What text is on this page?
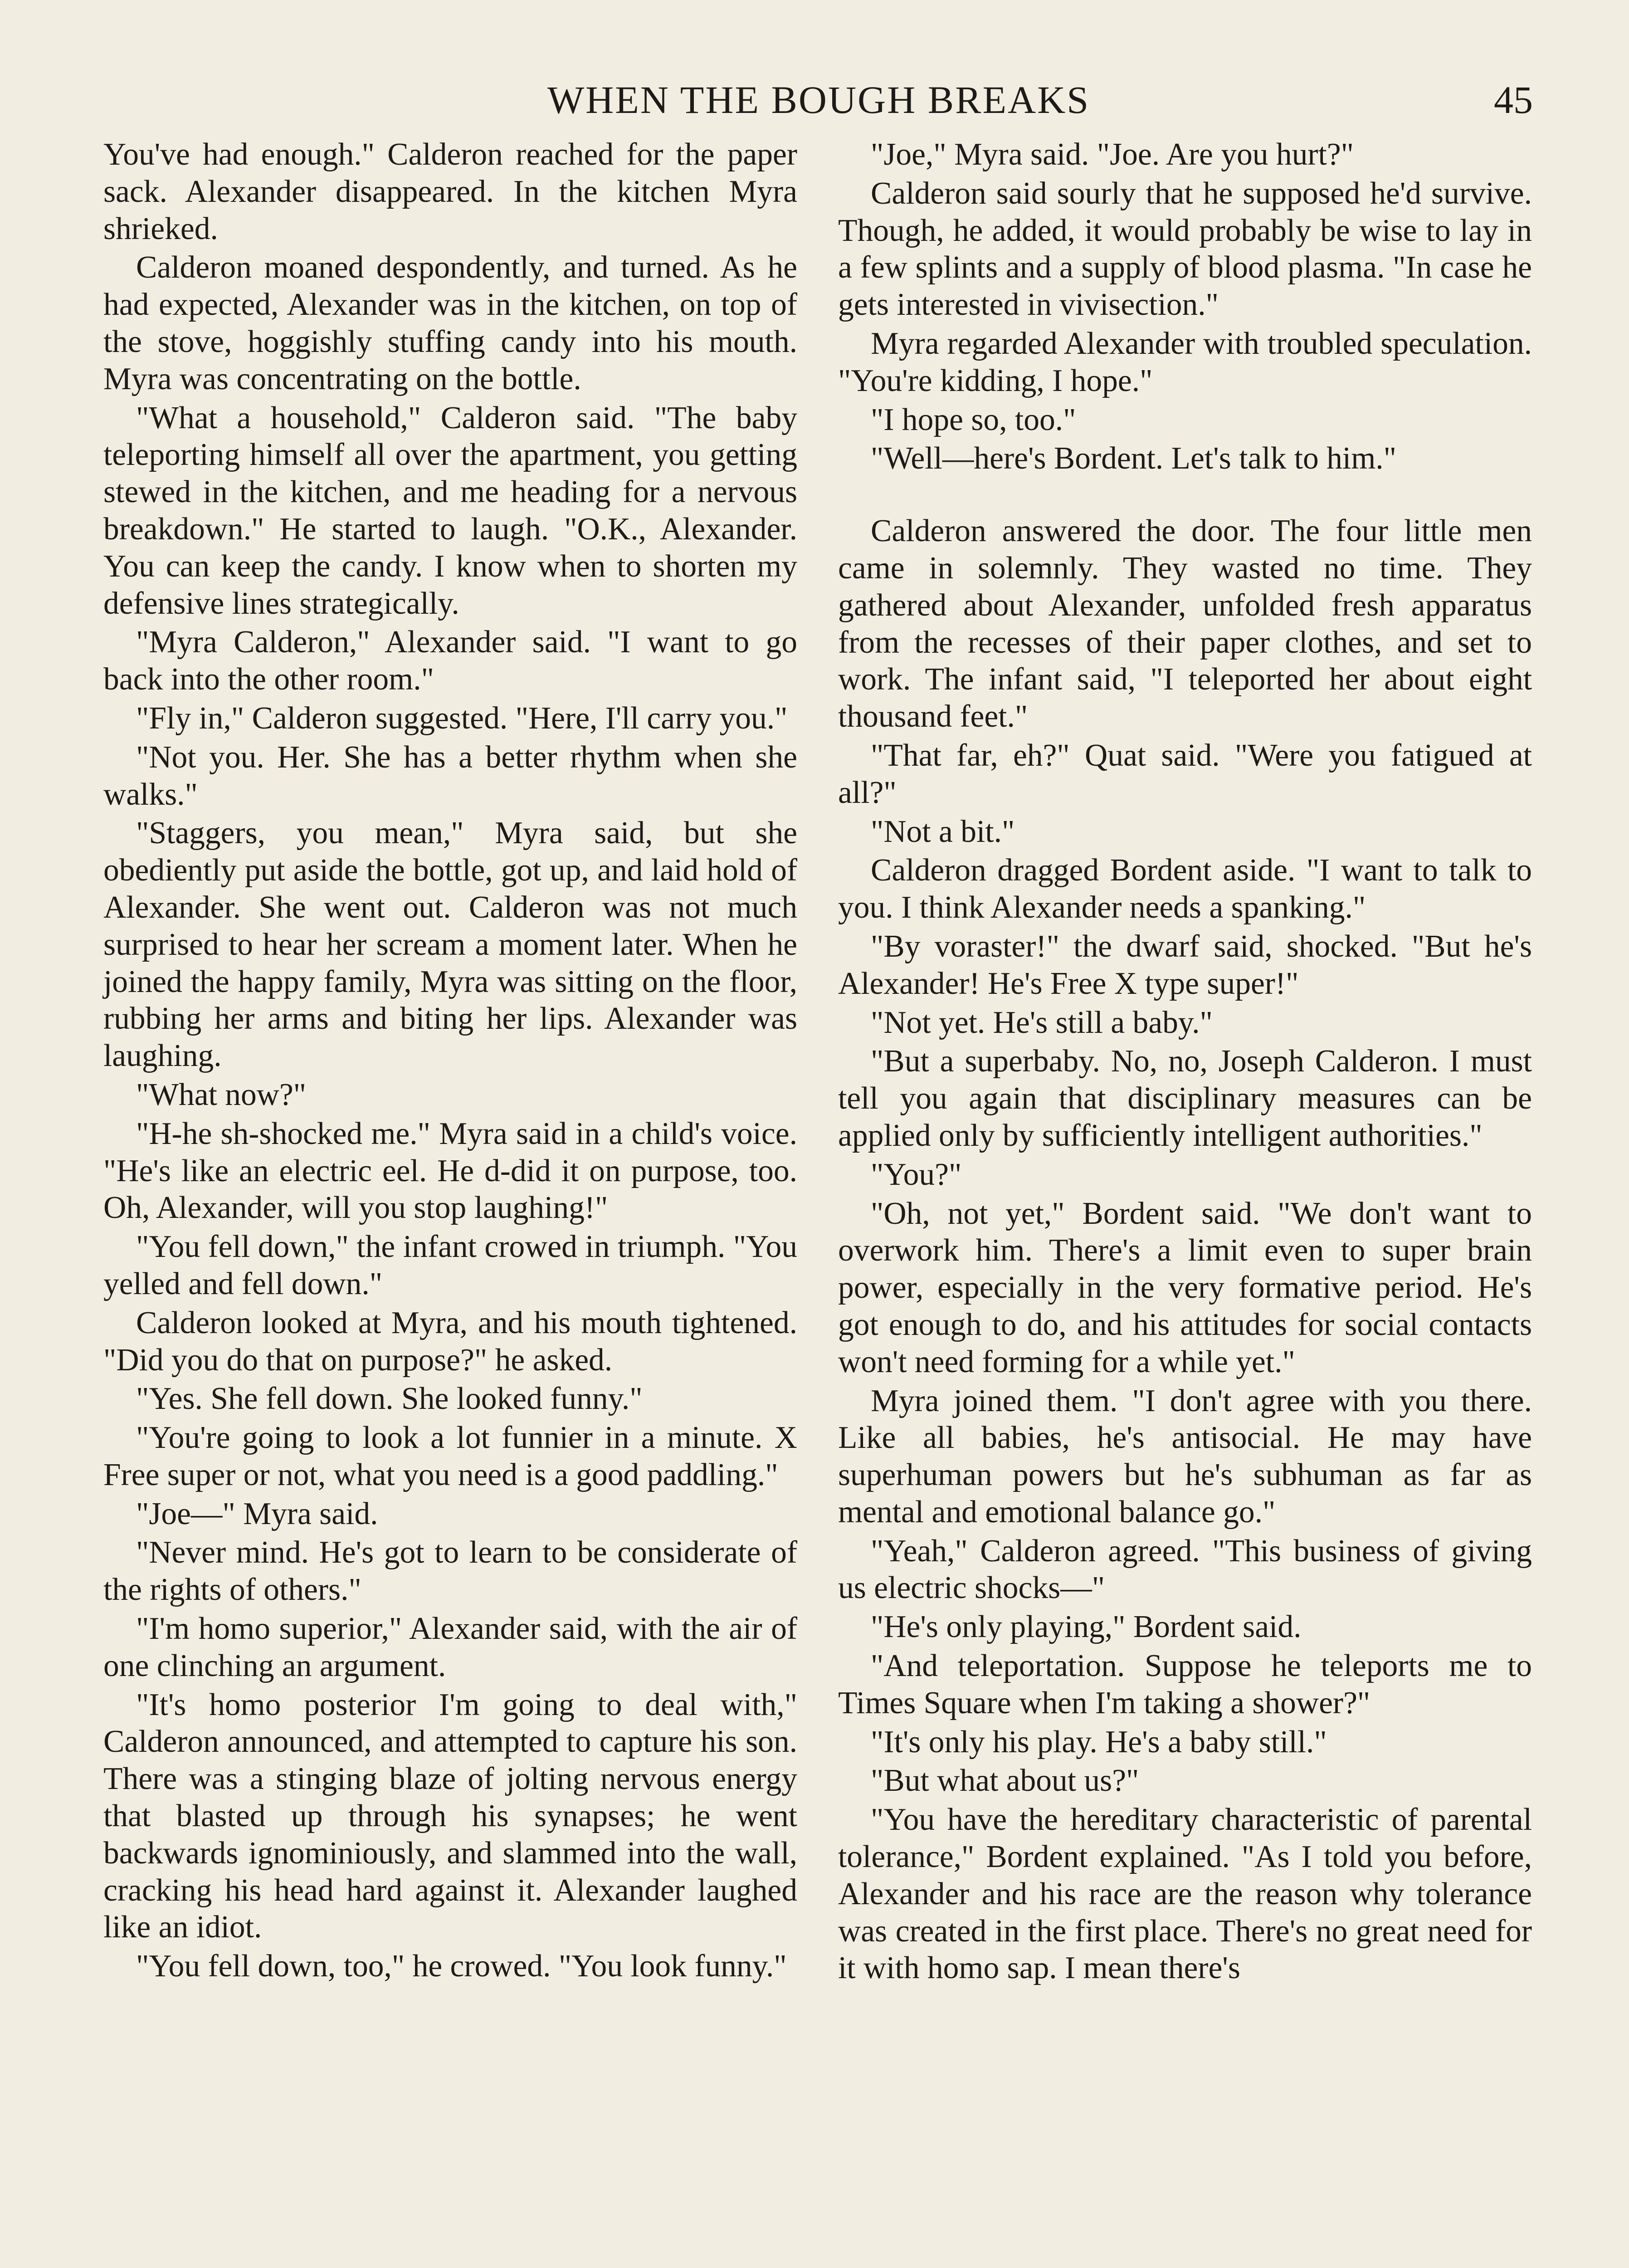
WHEN THE BOUGH BREAKS	45

You've had enough." Calderon reached for the paper sack. Alexander disappeared. In the kitchen Myra shrieked.

Calderon moaned despondently, and turned. As he had expected, Alexander was in the kitchen, on top of the stove, hoggishly stuffing candy into his mouth. Myra was concentrating on the bottle.

"What a household," Calderon said. "The baby teleporting himself all over the apartment, you getting stewed in the kitchen, and me heading for a nervous breakdown." He started to laugh. "O.K., Alexander. You can keep the candy. I know when to shorten my defensive lines strategically.

"Myra Calderon," Alexander said. "I want to go back into the other room."

"Fly in," Calderon suggested. "Here, I'll carry you."

"Not you. Her. She has a better rhythm when she walks."

"Staggers, you mean," Myra said, but she obediently put aside the bottle, got up, and laid hold of Alexander. She went out. Calderon was not much surprised to hear her scream a moment later. When he joined the happy family, Myra was sitting on the floor, rubbing her arms and biting her lips. Alexander was laughing.

"What now?"

"H-he sh-shocked me." Myra said in a child's voice. "He's like an electric eel. He d-did it on purpose, too. Oh, Alexander, will you stop laughing!"

"You fell down," the infant crowed in triumph. "You yelled and fell down."

Calderon looked at Myra, and his mouth tightened. "Did you do that on purpose?" he asked.

"Yes. She fell down. She looked funny."

"You're going to look a lot funnier in a minute. X Free super or not, what you need is a good paddling."

"Joe—" Myra said.

"Never mind. He's got to learn to be considerate of the rights of others."

"I'm homo superior," Alexander said, with the air of one clinching an argument.

"It's homo posterior I'm going to deal with," Calderon announced, and attempted to capture his son. There was a stinging blaze of jolting nervous energy that blasted up through his synapses; he went backwards ignominiously, and slammed into the wall, cracking his head hard against it. Alexander laughed like an idiot.

"You fell down, too," he crowed. "You look funny."

"Joe," Myra said. "Joe. Are you hurt?"

Calderon said sourly that he supposed he'd survive. Though, he added, it would probably be wise to lay in a few splints and a supply of blood plasma. "In case he gets interested in vivisection."

Myra regarded Alexander with troubled speculation. "You're kidding, I hope."

"I hope so, too."

"Well—here's Bordent. Let's talk to him."

Calderon answered the door. The four little men came in solemnly. They wasted no time. They gathered about Alexander, unfolded fresh apparatus from the recesses of their paper clothes, and set to work. The infant said, "I teleported her about eight thousand feet."

"That far, eh?" Quat said. "Were you fatigued at all?"

"Not a bit."

Calderon dragged Bordent aside. "I want to talk to you. I think Alexander needs a spanking."

"By voraster!" the dwarf said, shocked. "But he's Alexander! He's Free X type super!"

"Not yet. He's still a baby."

"But a superbaby. No, no, Joseph Calderon. I must tell you again that disciplinary measures can be applied only by sufficiently intelligent authorities."

"You?"

"Oh, not yet," Bordent said. "We don't want to overwork him. There's a limit even to super brain power, especially in the very formative period. He's got enough to do, and his attitudes for social contacts won't need forming for a while yet."

Myra joined them. "I don't agree with you there. Like all babies, he's antisocial. He may have superhuman powers but he's subhuman as far as mental and emotional balance go."

"Yeah," Calderon agreed. "This business of giving us electric shocks—"

"He's only playing," Bordent said.

"And teleportation. Suppose he teleports me to Times Square when I'm taking a shower?"

"It's only his play. He's a baby still."

"But what about us?"

"You have the hereditary characteristic of parental tolerance," Bordent explained. "As I told you before, Alexander and his race are the reason why tolerance was created in the first place. There's no great need for it with homo sap. I mean there's
